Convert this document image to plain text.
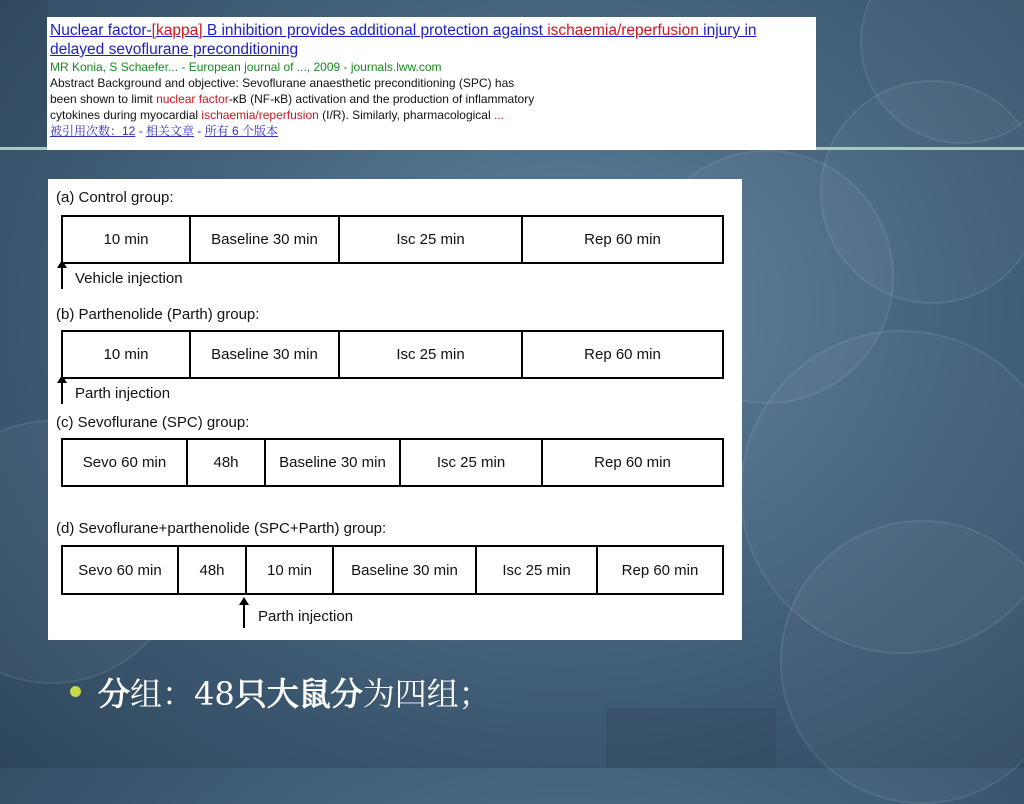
Nuclear factor-[kappa] B inhibition provides additional protection against ischaemia/reperfusion injury in
delayed sevoflurane preconditioning
MR Konia, S Schaefer... - European journal of ..., 2009 - journals.lww.com
Abstract Background and objective: Sevoflurane anaesthetic preconditioning (SPC) has
been shown to limit nuclear factor-κB (NF-κB) activation and the production of inflammatory
cytokines during myocardial ischaemia/reperfusion (I/R). Similarly, pharmacological ...
被引用次数：12 - 相关文章 - 所有 6 个版本
(a) Control group:
10 min	Baseline 30 min	Isc 25 min	Rep 60 min
Vehicle injection
(b) Parthenolide (Parth) group:
10 min	Baseline 30 min	Isc 25 min	Rep 60 min
Parth injection
(c) Sevoflurane (SPC) group:
Sevo 60 min	48h	Baseline 30 min	Isc 25 min	Rep 60 min
(d) Sevoflurane+parthenolide (SPC+Parth) group:
Sevo 60 min	48h	10 min	Baseline 30 min	Isc 25 min	Rep 60 min
Parth injection
分组：48只大鼠分为四组；
